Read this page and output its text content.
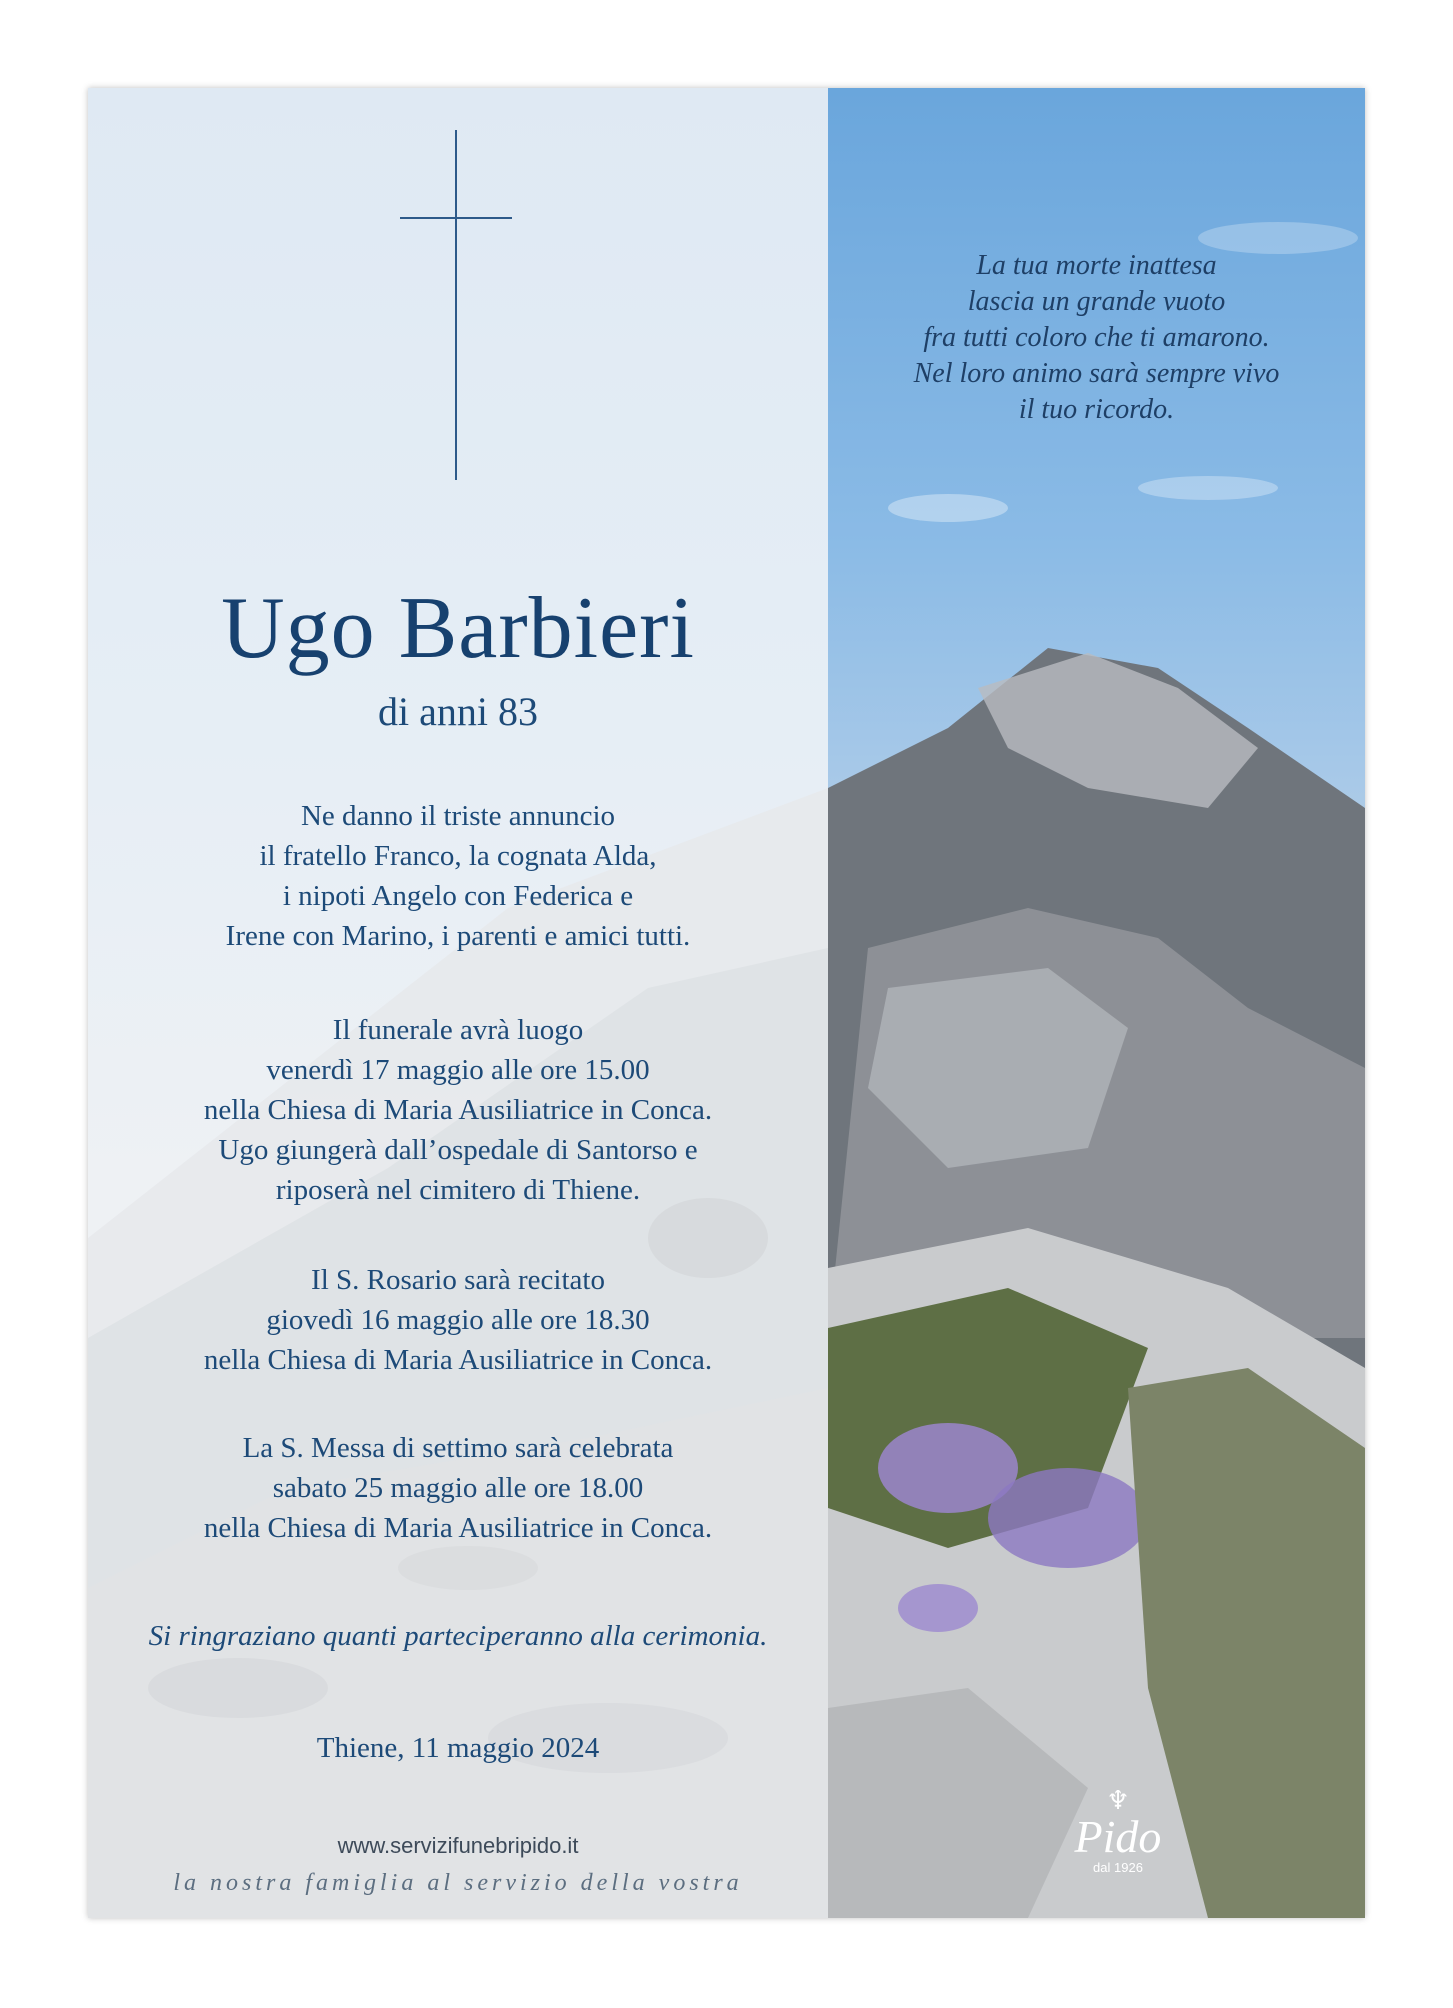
Ugo Barbieri
di anni 83
Ne danno il triste annuncio
il fratello Franco, la cognata Alda,
i nipoti Angelo con Federica e
Irene con Marino, i parenti e amici tutti.
Il funerale avrà luogo
venerdì 17 maggio alle ore 15.00
nella Chiesa di Maria Ausiliatrice in Conca.
Ugo giungerà dall’ospedale di Santorso e
riposerà nel cimitero di Thiene.
Il S. Rosario sarà recitato
giovedì 16 maggio alle ore 18.30
nella Chiesa di Maria Ausiliatrice in Conca.
La S. Messa di settimo sarà celebrata
sabato 25 maggio alle ore 18.00
nella Chiesa di Maria Ausiliatrice in Conca.
Si ringraziano quanti parteciperanno alla cerimonia.
Thiene, 11 maggio 2024
www.servizifunebripido.it
la nostra famiglia al servizio della vostra
La tua morte inattesa
lascia un grande vuoto
fra tutti coloro che ti amarono.
Nel loro animo sarà sempre vivo
il tuo ricordo.
♆
Pido
dal 1926
